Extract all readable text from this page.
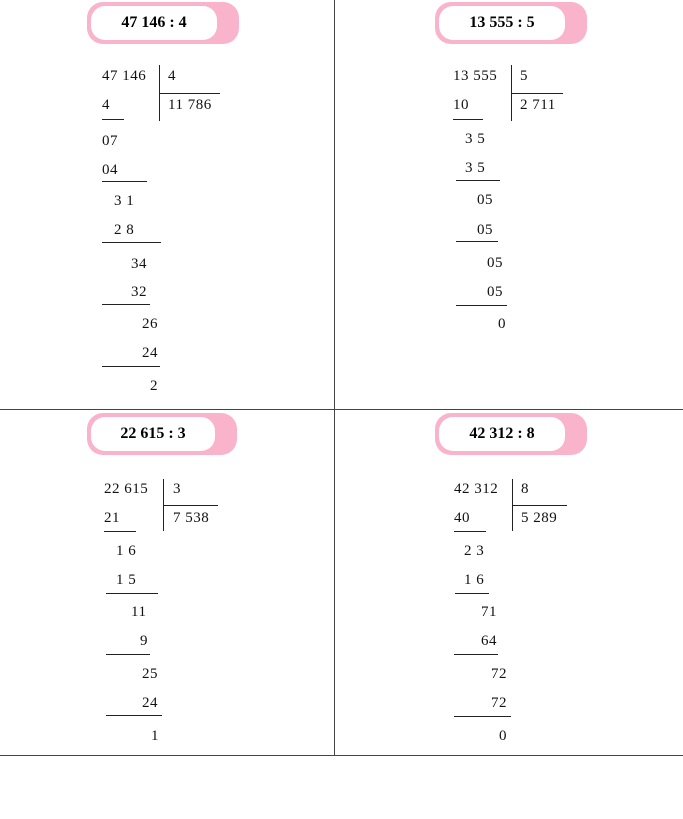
47 146 : 4
47 146 4
11 786
4
07
04
3 1
2 8
34
32
26
24
2
13 555 : 5
13 555 5
2 711
10
3 5
3 5
05
05
05
05
0
22 615 : 3
22 615 3
7 538
21
1 6
1 5
11
9
25
24
1
42 312 : 8
42 312 8
5 289
40
2 3
1 6
71
64
72
72
0
